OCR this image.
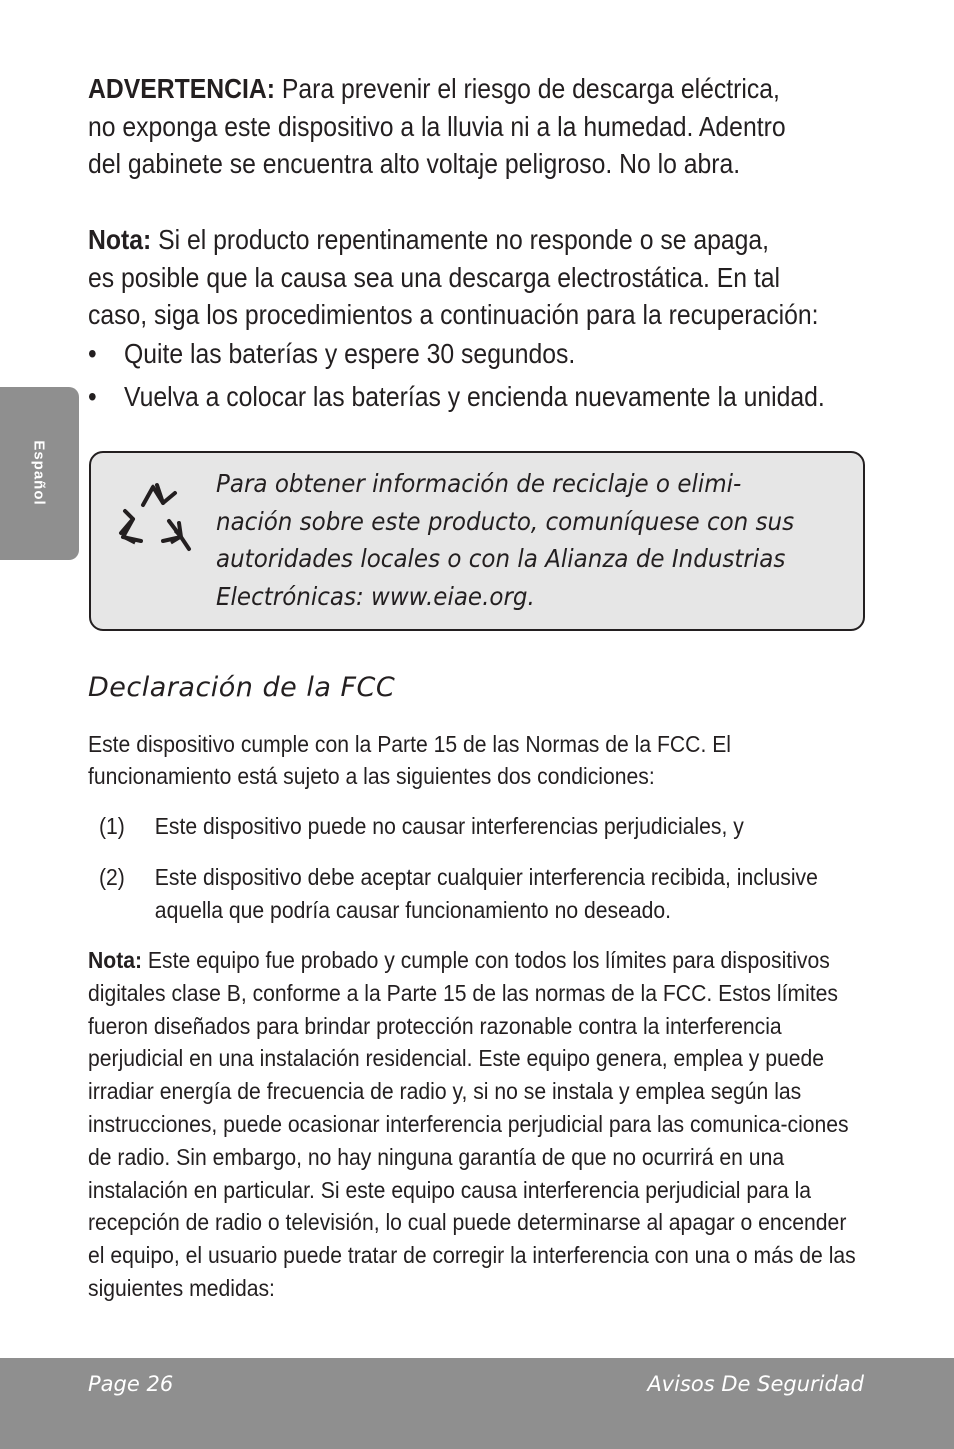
Español
ADVERTENCIA: Para prevenir el riesgo de descarga eléctrica, no exponga este dispositivo a la lluvia ni a la humedad. Adentro del gabinete se encuentra alto voltaje peligroso. No lo abra.
Nota: Si el producto repentinamente no responde o se apaga,
es posible que la causa sea una descarga electrostática. En tal
caso, siga los procedimientos a continuación para la recuperación:
• Quite las baterías y espere 30 segundos.
• Vuelva a colocar las baterías y encienda nuevamente la unidad.
Para obtener información de reciclaje o elimi-
nación sobre este producto, comuníquese con sus
autoridades locales o con la Alianza de Industrias
Electrónicas: www.eiae.org.
Declaración de la FCC
Este dispositivo cumple con la Parte 15 de las Normas de la FCC. El funcionamiento está sujeto a las siguientes dos condiciones:
(1) Este dispositivo puede no causar interferencias perjudiciales, y
(2) Este dispositivo debe aceptar cualquier interferencia recibida, inclusive aquella que podría causar funcionamiento no deseado.
Nota: Este equipo fue probado y cumple con todos los límites para dispositivos digitales clase B, conforme a la Parte 15 de las normas de la FCC. Estos límites fueron diseñados para brindar protección razonable contra la interferencia perjudicial en una instalación residencial. Este equipo genera, emplea y puede irradiar energía de frecuencia de radio y, si no se instala y emplea según las instrucciones, puede ocasionar interferencia perjudicial para las comunica-ciones de radio. Sin embargo, no hay ninguna garantía de que no ocurrirá en una instalación en particular. Si este equipo causa interferencia perjudicial para la recepción de radio o televisión, lo cual puede determinarse al apagar o encender el equipo, el usuario puede tratar de corregir la interferencia con una o más de las siguientes medidas:
Page 26	Avisos De Seguridad
